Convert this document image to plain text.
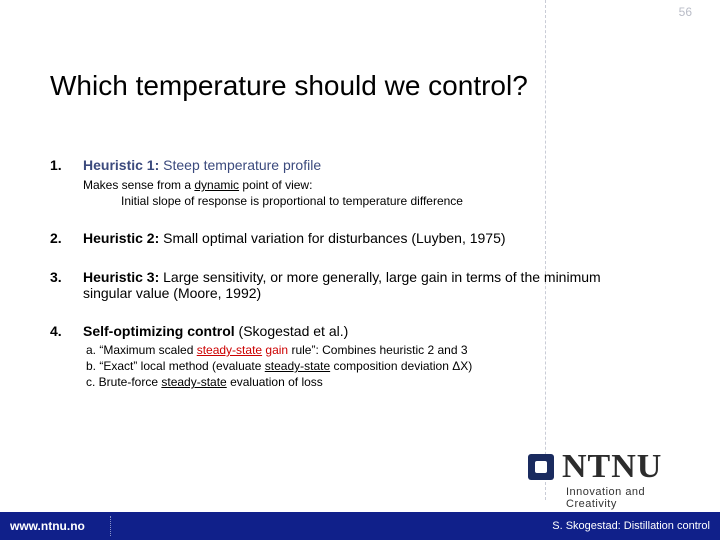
56
Which temperature should we control?
1. Heuristic 1: Steep temperature profile
Makes sense from a dynamic point of view:
Initial slope of response is proportional to temperature difference
2. Heuristic 2: Small optimal variation for disturbances (Luyben, 1975)
3. Heuristic 3: Large sensitivity, or more generally, large gain in terms of the minimum singular value (Moore, 1992)
4. Self-optimizing control (Skogestad et al.)
a. “Maximum scaled steady-state gain rule”: Combines heuristic 2 and 3
b. “Exact” local method (evaluate steady-state composition deviation ΔX)
c. Brute-force steady-state evaluation of loss
NTNU
Innovation and Creativity
www.ntnu.no	S. Skogestad: Distillation control
